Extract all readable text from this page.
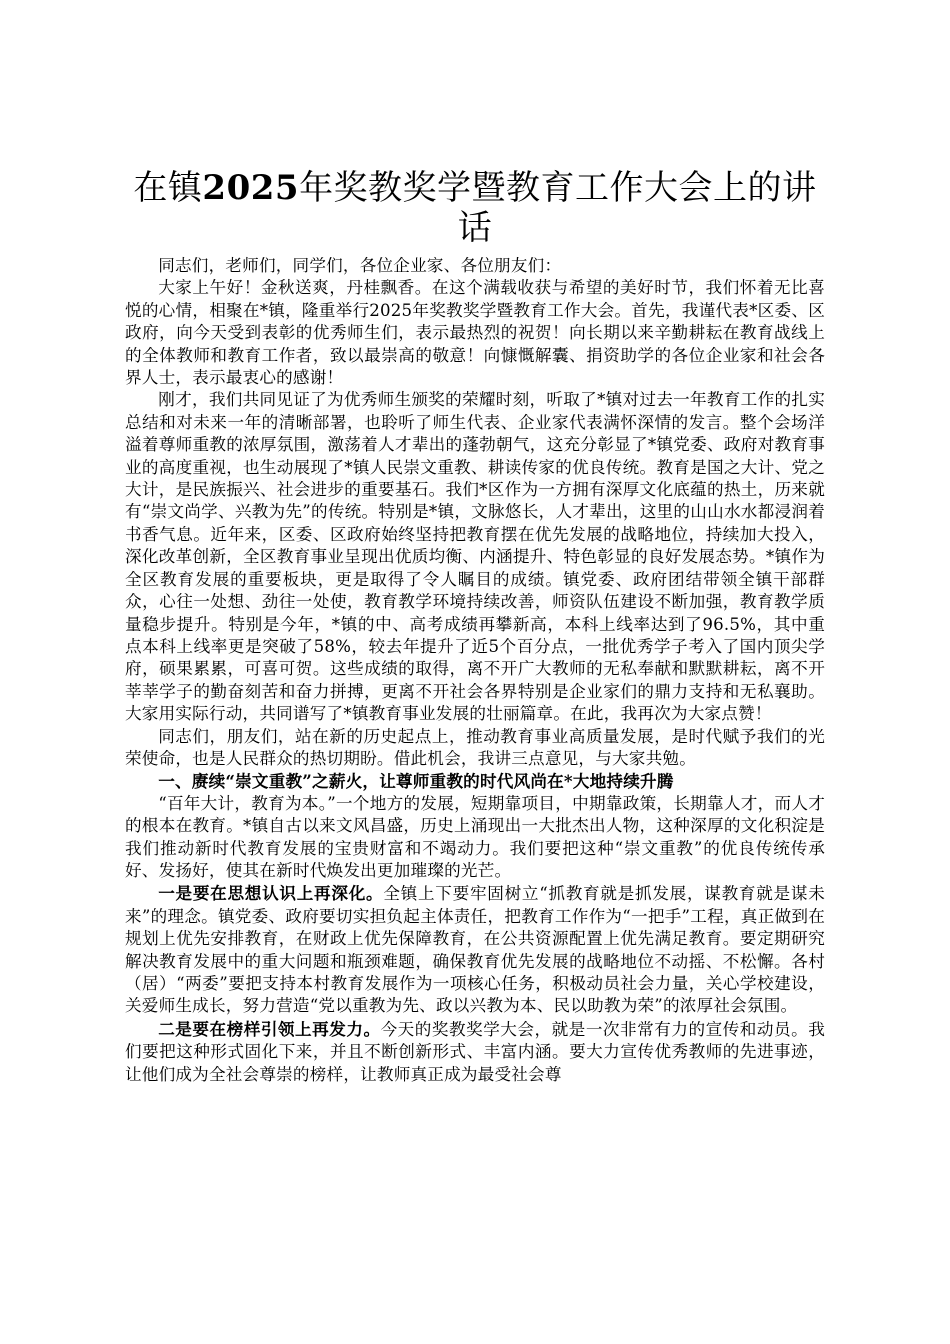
在镇2025年奖教奖学暨教育工作大会上的讲话

同志们，老师们，同学们，各位企业家、各位朋友们：

大家上午好！金秋送爽，丹桂飘香。在这个满载收获与希望的美好时节，我们怀着无比喜悦的心情，相聚在*镇，隆重举行2025年奖教奖学暨教育工作大会。首先，我谨代表*区委、区政府，向今天受到表彰的优秀师生们，表示最热烈的祝贺！向长期以来辛勤耕耘在教育战线上的全体教师和教育工作者，致以最崇高的敬意！向慷慨解囊、捐资助学的各位企业家和社会各界人士，表示最衷心的感谢！

刚才，我们共同见证了为优秀师生颁奖的荣耀时刻，听取了*镇对过去一年教育工作的扎实总结和对未来一年的清晰部署，也聆听了师生代表、企业家代表满怀深情的发言。整个会场洋溢着尊师重教的浓厚氛围，激荡着人才辈出的蓬勃朝气，这充分彰显了*镇党委、政府对教育事业的高度重视，也生动展现了*镇人民崇文重教、耕读传家的优良传统。教育是国之大计、党之大计，是民族振兴、社会进步的重要基石。我们*区作为一方拥有深厚文化底蕴的热土，历来就有“崇文尚学、兴教为先”的传统。特别是*镇，文脉悠长，人才辈出，这里的山山水水都浸润着书香气息。近年来，区委、区政府始终坚持把教育摆在优先发展的战略地位，持续加大投入，深化改革创新，全区教育事业呈现出优质均衡、内涵提升、特色彰显的良好发展态势。*镇作为全区教育发展的重要板块，更是取得了令人瞩目的成绩。镇党委、政府团结带领全镇干部群众，心往一处想、劲往一处使，教育教学环境持续改善，师资队伍建设不断加强，教育教学质量稳步提升。特别是今年，*镇的中、高考成绩再攀新高，本科上线率达到了96.5%，其中重点本科上线率更是突破了58%，较去年提升了近5个百分点，一批优秀学子考入了国内顶尖学府，硕果累累，可喜可贺。这些成绩的取得，离不开广大教师的无私奉献和默默耕耘，离不开莘莘学子的勤奋刻苦和奋力拼搏，更离不开社会各界特别是企业家们的鼎力支持和无私襄助。大家用实际行动，共同谱写了*镇教育事业发展的壮丽篇章。在此，我再次为大家点赞！

同志们，朋友们，站在新的历史起点上，推动教育事业高质量发展，是时代赋予我们的光荣使命，也是人民群众的热切期盼。借此机会，我讲三点意见，与大家共勉。

一、赓续“崇文重教”之薪火，让尊师重教的时代风尚在*大地持续升腾

“百年大计，教育为本。”一个地方的发展，短期靠项目，中期靠政策，长期靠人才，而人才的根本在教育。*镇自古以来文风昌盛，历史上涌现出一大批杰出人物，这种深厚的文化积淀是我们推动新时代教育发展的宝贵财富和不竭动力。我们要把这种“崇文重教”的优良传统传承好、发扬好，使其在新时代焕发出更加璀璨的光芒。

一是要在思想认识上再深化。全镇上下要牢固树立“抓教育就是抓发展，谋教育就是谋未来”的理念。镇党委、政府要切实担负起主体责任，把教育工作作为“一把手”工程，真正做到在规划上优先安排教育，在财政上优先保障教育，在公共资源配置上优先满足教育。要定期研究解决教育发展中的重大问题和瓶颈难题，确保教育优先发展的战略地位不动摇、不松懈。各村（居）“两委”要把支持本村教育发展作为一项核心任务，积极动员社会力量，关心学校建设，关爱师生成长，努力营造“党以重教为先、政以兴教为本、民以助教为荣”的浓厚社会氛围。

二是要在榜样引领上再发力。今天的奖教奖学大会，就是一次非常有力的宣传和动员。我们要把这种形式固化下来，并且不断创新形式、丰富内涵。要大力宣传优秀教师的先进事迹，让他们成为全社会尊崇的榜样，让教师真正成为最受社会尊
